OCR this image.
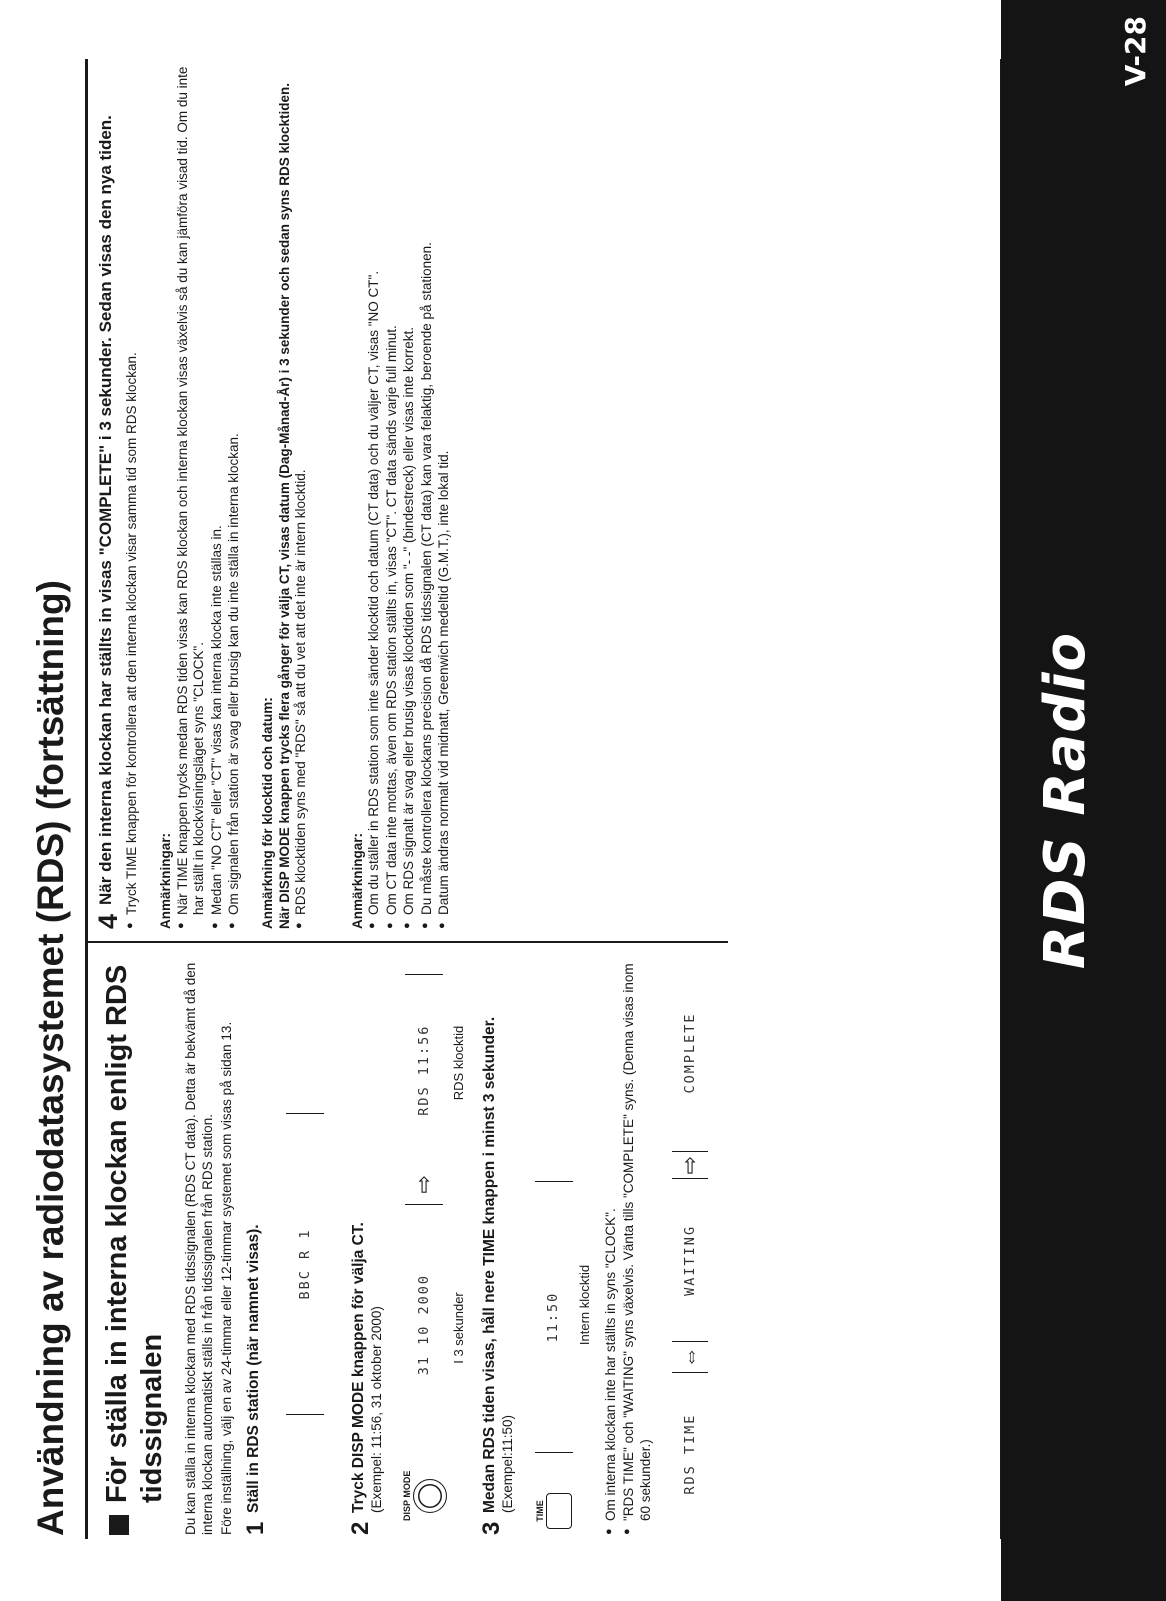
Användning av radiodatasystemet (RDS) (fortsättning) För ställa in interna klockan enligt RDS tidssignalen Du kan ställa in interna klockan med RDS tidssignalen (RDS CT data). Detta är bekvämt då den interna klockan automatiskt ställs in från tidssignalen från RDS station. Före inställning, välj en av 24-timmar eller 12-timmar systemet som visas på sidan 13. 1
Ställ in RDS station (när namnet visas).	BBC R 1
2
Tryck DISP MODE knappen för välja CT. (Exempel: 11:56, 31 oktober 2000) DISP MODE
31 10 2000
⇨
RDS 11:56
I 3 sekunder
RDS klocktid
3
Medan RDS tiden visas, håll nere TIME knappen i minst 3 sekunder. (Exempel:11:50) TIME
11:50 Intern klocktid ● Om interna klockan inte har ställts in syns "CLOCK". ● "RDS TIME" och "WAITING" syns växelvis. Vänta tills "COMPLETE" syns. (Denna visas inom 60 sekunder.) RDS TIME
⇔
WAITING
⇨
COMPLETE
4
När den interna klockan har ställts in visas "COMPLETE" i 3 sekunder. Sedan visas den nya tiden. ● Tryck TIME knappen för kontrollera att den interna klockan visar samma tid som RDS klockan. Anmärkningar: ● När TIME knappen trycks medan RDS tiden visas kan RDS klockan och interna klockan visas växelvis så du kan jämföra visad tid. Om du inte har ställt in klockvisningsläget syns "CLOCK". ● Medan "NO CT" eller "CT" visas kan interna klocka inte ställas in. ● Om signalen från station är svag eller brusig kan du inte ställa in interna klockan. Anmärkning för klocktid och datum: När DISP MODE knappen trycks flera gånger för välja CT, visas datum (Dag-Månad-År) i 3 sekunder och sedan syns RDS klocktiden. ● RDS klocktiden syns med "RDS" så att du vet att det inte är intern klocktid.	Anmärkningar: ● Om du ställer in RDS station som inte sänder klocktid och datum (CT data) och du väljer CT, visas "NO CT". ● Om CT data inte mottas, även om RDS station ställts in, visas "CT". CT data sänds varje full minut. ● Om RDS signalt är svag eller brusig visas klocktiden som "- -" (bindestreck) eller visas inte korrekt. ● Du måste kontrollera klockans precision då RDS tidssignalen (CT data) kan vara felaktig, beroende på stationen. ● Datum ändras normalt vid midnatt, Greenwich medeltid (G.M.T.), inte lokal tid.	RDS Radio
V-28
